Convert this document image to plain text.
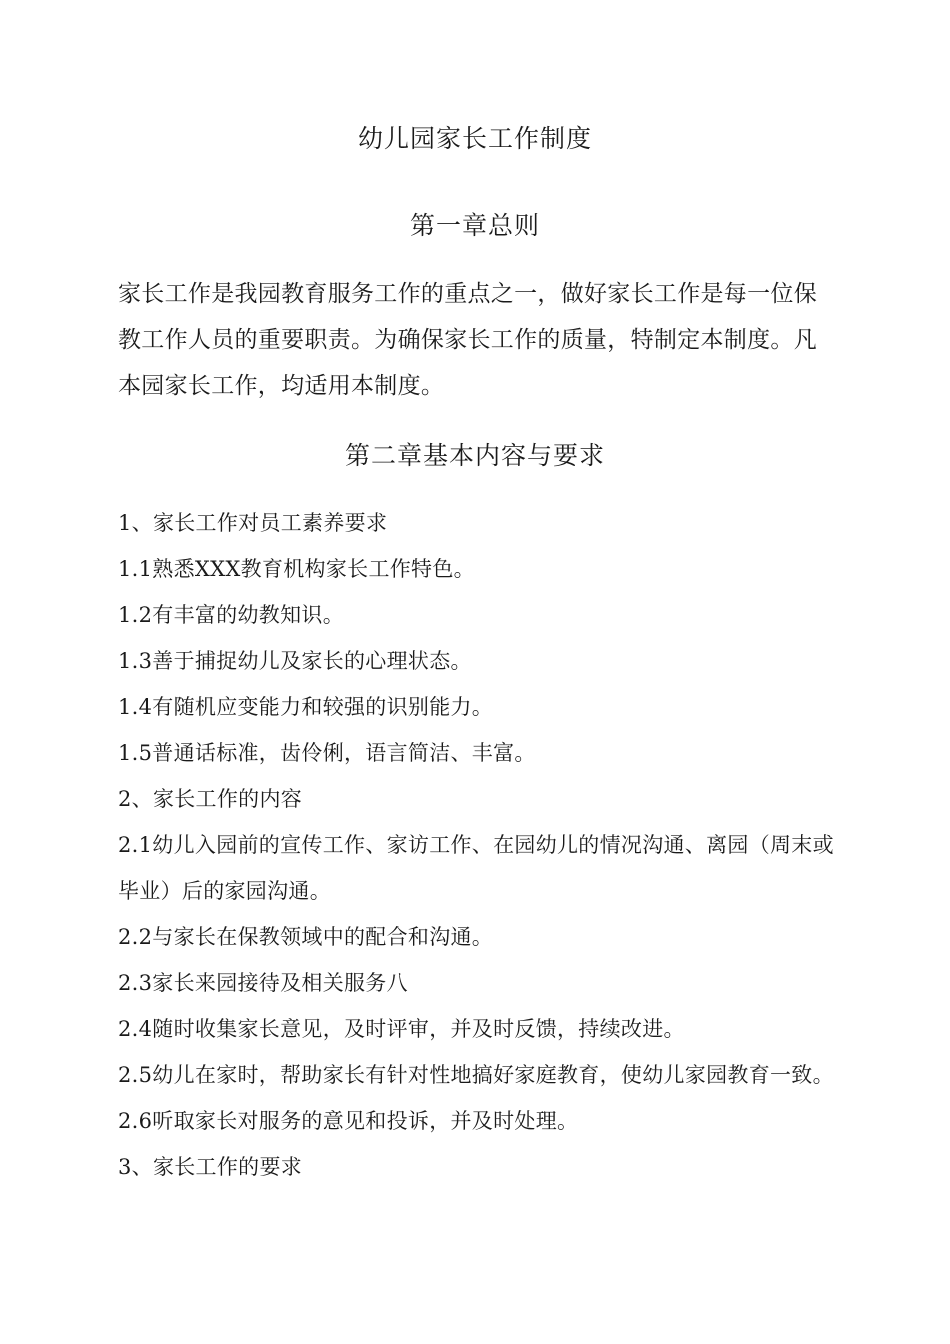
幼儿园家长工作制度
第一章总则
家长工作是我园教育服务工作的重点之一，做好家长工作是每一位保教工作人员的重要职责。为确保家长工作的质量，特制定本制度。凡本园家长工作，均适用本制度。
第二章基本内容与要求
1、家长工作对员工素养要求
1.1熟悉XXX教育机构家长工作特色。
1.2有丰富的幼教知识。
1.3善于捕捉幼儿及家长的心理状态。
1.4有随机应变能力和较强的识别能力。
1.5普通话标准，齿伶俐，语言简洁、丰富。
2、家长工作的内容
2.1幼儿入园前的宣传工作、家访工作、在园幼儿的情况沟通、离园（周末或毕业）后的家园沟通。
2.2与家长在保教领域中的配合和沟通。
2.3家长来园接待及相关服务八
2.4随时收集家长意见，及时评审，并及时反馈，持续改进。
2.5幼儿在家时，帮助家长有针对性地搞好家庭教育，使幼儿家园教育一致。
2.6听取家长对服务的意见和投诉，并及时处理。
3、家长工作的要求
